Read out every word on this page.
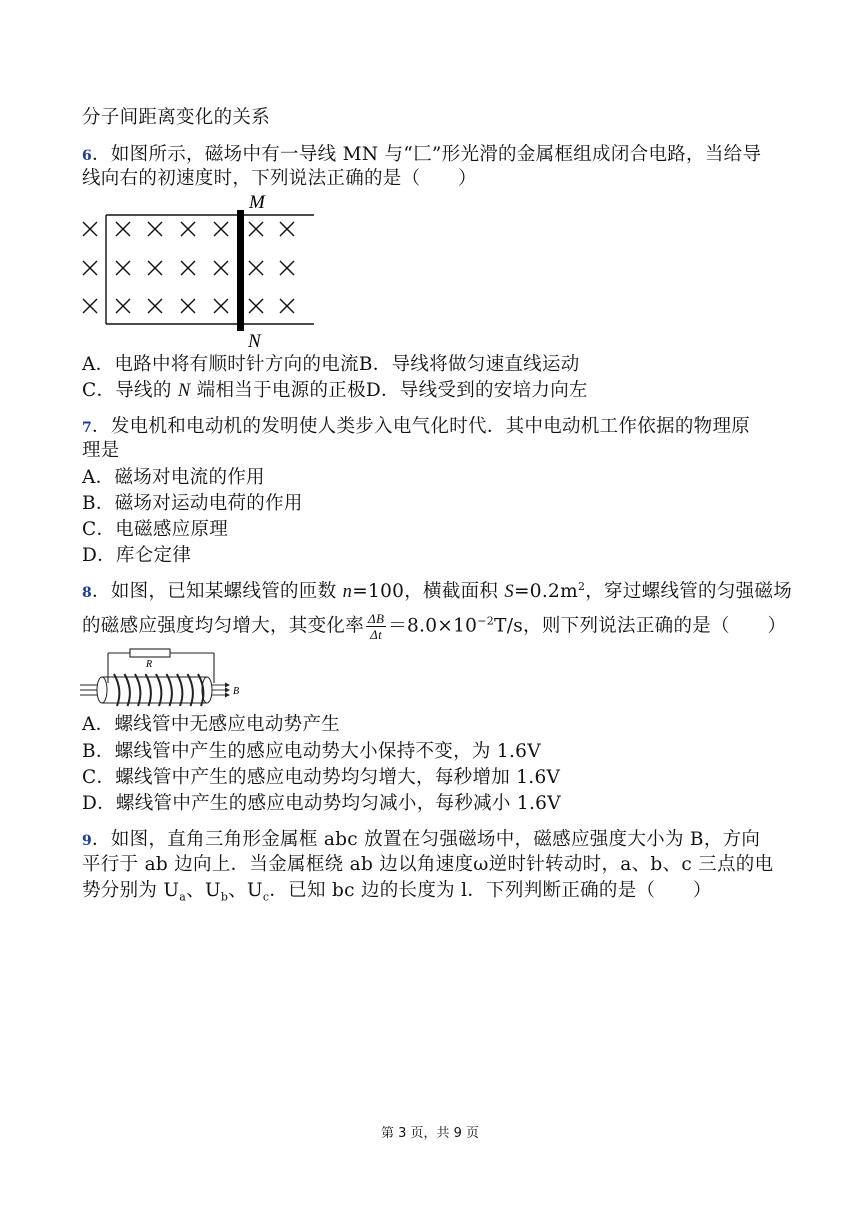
分子间距离变化的关系
6．如图所示，磁场中有一导线 MN 与“匚”形光滑的金属框组成闭合电路，当给导
线向右的初速度时，下列说法正确的是（　　）
M
N
A．电路中将有顺时针方向的电流B．导线将做匀速直线运动
C．导线的 N 端相当于电源的正极D．导线受到的安培力向左
7．发电机和电动机的发明使人类步入电气化时代．其中电动机工作依据的物理原
理是
A．磁场对电流的作用
B．磁场对运动电荷的作用
C．电磁感应原理
D．库仑定律
8．如图，已知某螺线管的匝数 n=100，横截面积 $S=0.2m^2$，穿过螺线管的匀强磁场
的磁感应强度均匀增大，其变化率 $\frac{\Delta B}{\Delta t} =8.0\times 10^{-2}T/s$，则下列说法正确的是（　　）
R
B
A．螺线管中无感应电动势产生
B．螺线管中产生的感应电动势大小保持不变，为 1.6V
C．螺线管中产生的感应电动势均匀增大，每秒增加 1.6V
D．螺线管中产生的感应电动势均匀减小，每秒减小 1.6V
9．如图，直角三角形金属框 abc 放置在匀强磁场中，磁感应强度大小为 B，方向
平行于 ab 边向上．当金属框绕 ab 边以角速度ω逆时针转动时，a、b、c 三点的电
势分别为 $U_a$、$U_b$、$U_c$．已知 bc 边的长度为 l．下列判断正确的是（　　）
第 3 页，共 9 页
